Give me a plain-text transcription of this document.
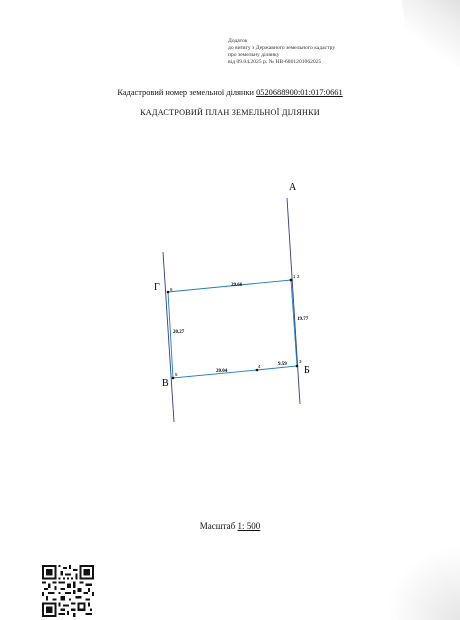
Додаток
до витягу з Державного земельного кадастру
про земельну ділянку
від 09.04.2025 р. № НВ-6801201062025
Кадастровий номер земельної ділянки 0520688900:01:017:0661
КАДАСТРОВИЙ ПЛАН ЗЕМЕЛЬНОЇ ДІЛЯНКИ
А
Г
В
Б
6
1 2
3
4
5
29.66
19.77
20.27
20.04
9.59
Масштаб 1: 500
